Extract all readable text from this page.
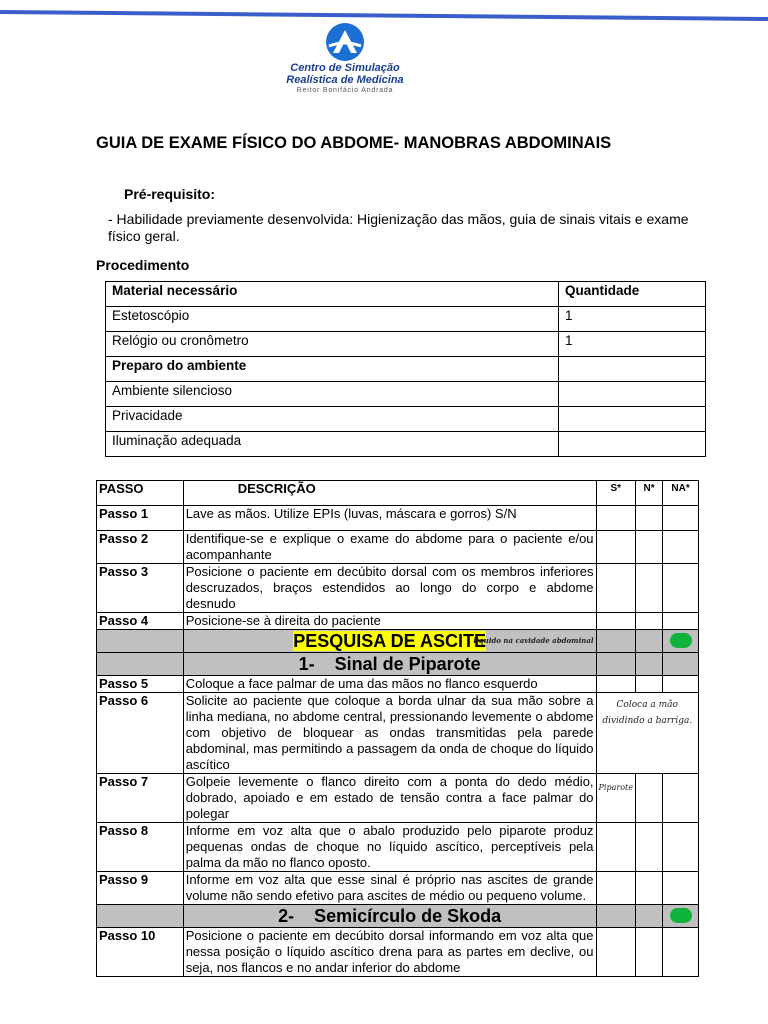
Centro de Simulação
Realística de Medicina
Reitor Bonifácio Andrada
GUIA DE EXAME FÍSICO DO ABDOME- MANOBRAS ABDOMINAIS
Pré-requisito:
- Habilidade previamente desenvolvida: Higienização das mãos, guia de sinais vitais e exame físico geral.
Procedimento
Material necessário	Quantidade
Estetoscópio	1
Relógio ou cronômetro	1
Preparo do ambiente	
Ambiente silencioso	
Privacidade	
Iluminação adequada	
PASSO	DESCRIÇÃO	S*	N*	NA*
Passo 1	Lave as mãos. Utilize EPIs (luvas, máscara e gorros) S/N			
Passo 2	Identifique-se e explique o exame do abdome para o paciente e/ou acompanhante			
Passo 3	Posicione o paciente em decúbito dorsal com os membros inferiores descruzados, braços estendidos ao longo do corpo e abdome desnudo			
Passo 4	Posicione-se à direita do paciente			
	PESQUISA DE ASCITE
liquido na cavidade abdominal			

	1-    Sinal de Piparote			
Passo 5	Coloque a face palmar de uma das mãos no flanco esquerdo			
Passo 6	Solicite ao paciente que coloque a borda ulnar da sua mão sobre a linha mediana, no abdome central, pressionando levemente o abdome com objetivo de bloquear as ondas transmitidas pela parede abdominal, mas permitindo a passagem da onda de choque do líquido ascítico	Coloca a mão
dividindo a barriga.		

Passo 7	Golpeie levemente o flanco direito com a ponta do dedo médio, dobrado, apoiado e em estado de tensão contra a face palmar do polegar	Piparote		
Passo 8	Informe em voz alta que o abalo produzido pelo piparote produz pequenas ondas de choque no líquido ascítico, perceptíveis pela palma da mão no flanco oposto.			
Passo 9	Informe em voz alta que esse sinal é próprio nas ascites de grande volume não sendo efetivo para ascites de médio ou pequeno volume.			
	2-    Semicírculo de Skoda			
Passo 10	Posicione o paciente em decúbito dorsal informando em voz alta que nessa posição o líquido ascítico drena para as partes em declive, ou seja, nos flancos e no andar inferior do abdome			
